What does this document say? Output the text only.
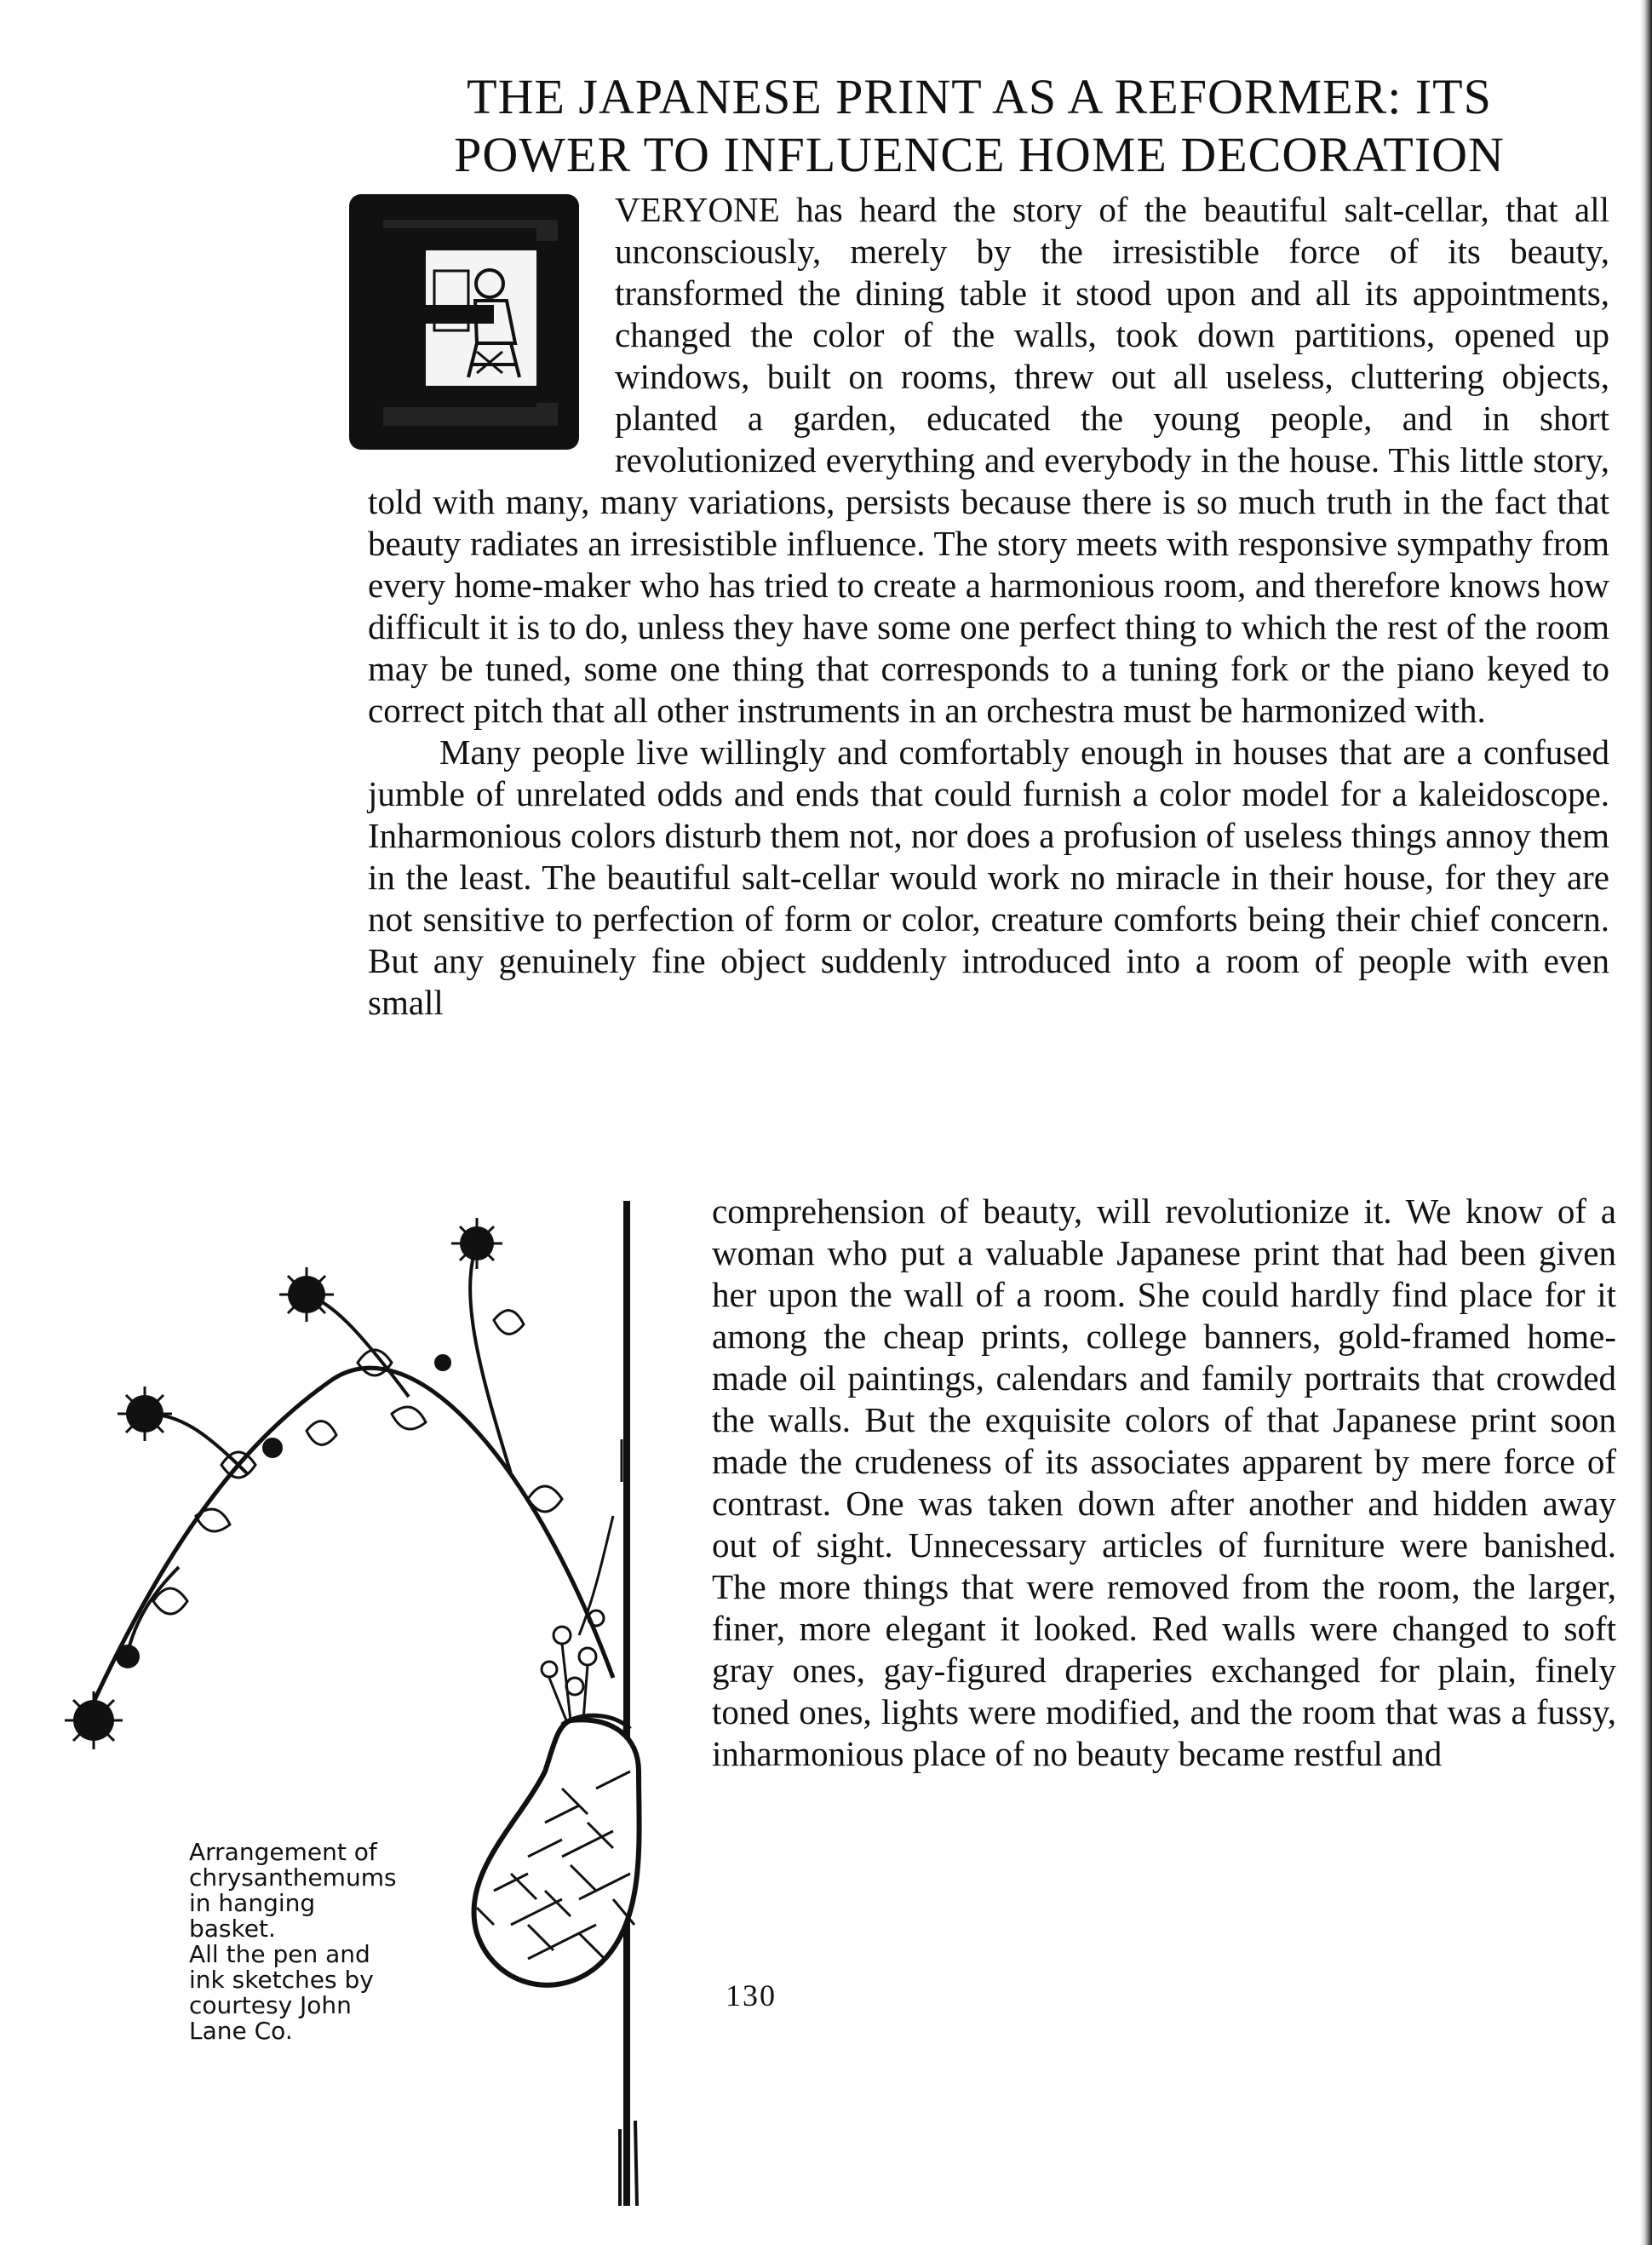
THE JAPANESE PRINT AS A REFORMER: ITS
POWER TO INFLUENCE HOME DECORATION
E	VERYONE has heard the story of the beautiful salt-cellar, that all unconsciously, merely by the irresistible force of its beauty, transformed the dining table it stood upon and all its appointments, changed the color of the walls, took down partitions, opened up windows, built on rooms, threw out all useless, cluttering objects, planted a garden, educated the young people, and in short revolutionized everything and everybody in the house. This little story, told with many, many variations, persists because there is so much truth in the fact that beauty radiates an irresistible influence. The story meets with responsive sympathy from every home-maker who has tried to create a harmonious room, and therefore knows how difficult it is to do, unless they have some one perfect thing to which the rest of the room may be tuned, some one thing that corresponds to a tuning fork or the piano keyed to correct pitch that all other instruments in an orchestra must be harmonized with.

Many people live willingly and comfortably enough in houses that are a confused jumble of unrelated odds and ends that could furnish a color model for a kaleidoscope. Inharmonious colors disturb them not, nor does a profusion of useless things annoy them in the least. The beautiful salt-cellar would work no miracle in their house, for they are not sensitive to perfection of form or color, creature comforts being their chief concern. But any genuinely fine object suddenly introduced into a room of people with even small

comprehension of beauty, will revolutionize it. We know of a woman who put a valuable Japanese print that had been given her upon the wall of a room. She could hardly find place for it among the cheap prints, college banners, gold-framed home-made oil paintings, calendars and family portraits that crowded the walls. But the exquisite colors of that Japanese print soon made the crudeness of its associates apparent by mere force of contrast. One was taken down after another and hidden away out of sight. Unnecessary articles of furniture were banished. The more things that were removed from the room, the larger, finer, more elegant it looked. Red walls were changed to soft gray ones, gay-figured draperies exchanged for plain, finely toned ones, lights were modified, and the room that was a fussy, inharmonious place of no beauty became restful and

130
Arrangement of
chrysanthemums
in hanging
basket.
All the pen and
ink sketches by
courtesy John
Lane Co.
